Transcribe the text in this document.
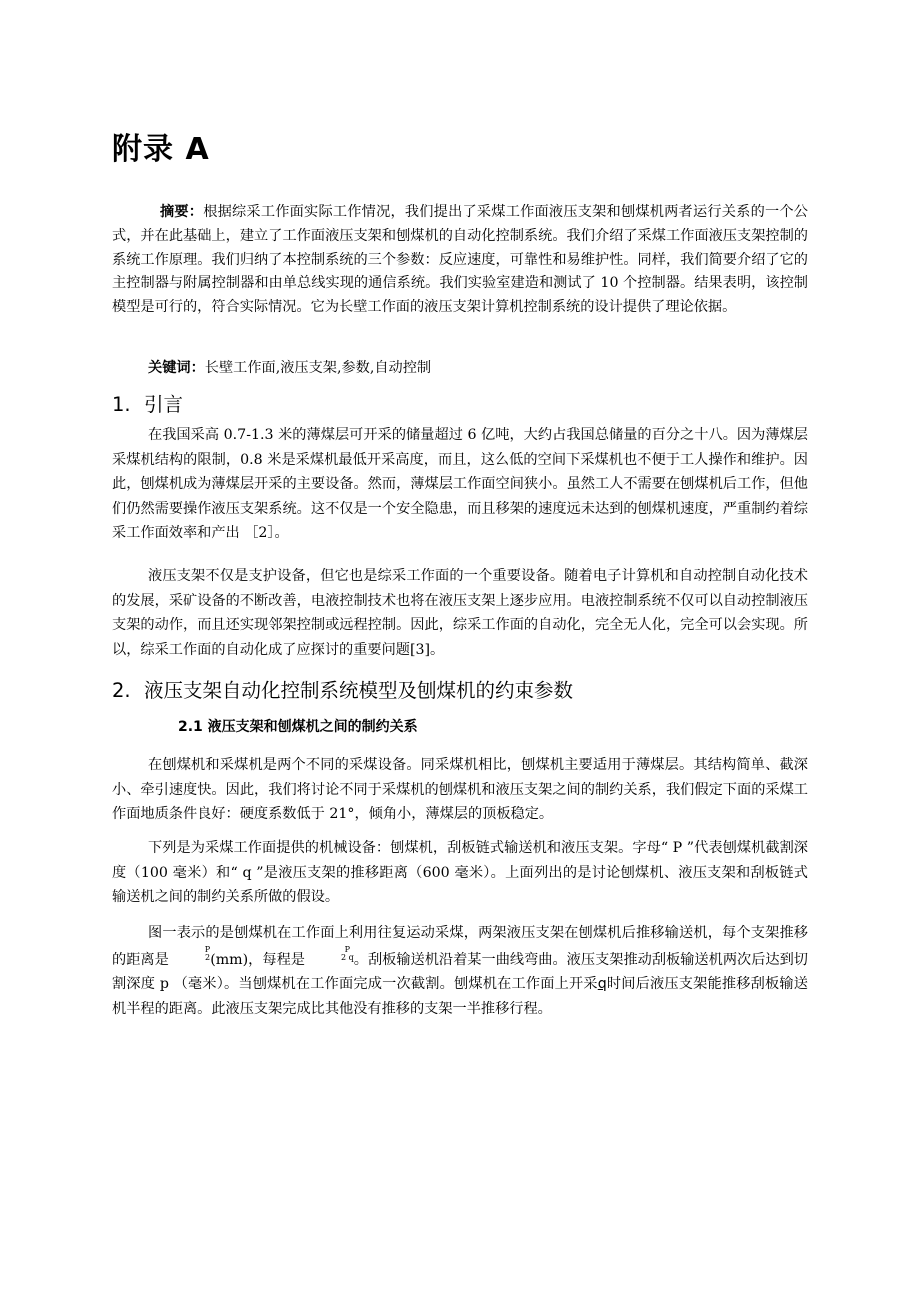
附录 A

摘要：根据综采工作面实际工作情况，我们提出了采煤工作面液压支架和刨煤机两者运行关系的一个公式，并在此基础上，建立了工作面液压支架和刨煤机的自动化控制系统。我们介绍了采煤工作面液压支架控制的系统工作原理。我们归纳了本控制系统的三个参数：反应速度，可靠性和易维护性。同样，我们简要介绍了它的主控制器与附属控制器和由单总线实现的通信系统。我们实验室建造和测试了 10 个控制器。结果表明，该控制模型是可行的，符合实际情况。它为长壁工作面的液压支架计算机控制系统的设计提供了理论依据。

关键词：长壁工作面,液压支架,参数,自动控制

1. 引言

在我国采高 0.7-1.3 米的薄煤层可开采的储量超过 6 亿吨，大约占我国总储量的百分之十八。因为薄煤层采煤机结构的限制，0.8 米是采煤机最低开采高度，而且，这么低的空间下采煤机也不便于工人操作和维护。因此，刨煤机成为薄煤层开采的主要设备。然而，薄煤层工作面空间狭小。虽然工人不需要在刨煤机后工作，但他们仍然需要操作液压支架系统。这不仅是一个安全隐患，而且移架的速度远未达到的刨煤机速度，严重制约着综采工作面效率和产出 ［2］。

液压支架不仅是支护设备，但它也是综采工作面的一个重要设备。随着电子计算机和自动控制自动化技术的发展，采矿设备的不断改善，电液控制技术也将在液压支架上逐步应用。电液控制系统不仅可以自动控制液压支架的动作，而且还实现邻架控制或远程控制。因此，综采工作面的自动化，完全无人化，完全可以会实现。所以，综采工作面的自动化成了应探讨的重要问题[3]。

2. 液压支架自动化控制系统模型及刨煤机的约束参数
2.1 液压支架和刨煤机之间的制约关系

在刨煤机和采煤机是两个不同的采煤设备。同采煤机相比，刨煤机主要适用于薄煤层。其结构简单、截深小、牵引速度快。因此，我们将讨论不同于采煤机的刨煤机和液压支架之间的制约关系，我们假定下面的采煤工作面地质条件良好：硬度系数低于 21°，倾角小，薄煤层的顶板稳定。

下列是为采煤工作面提供的机械设备：刨煤机，刮板链式输送机和液压支架。字母“ P ”代表刨煤机截割深度（100 毫米）和“ q ”是液压支架的推移距离（600 毫米）。上面列出的是讨论刨煤机、液压支架和刮板链式输送机之间的制约关系所做的假设。

图一表示的是刨煤机在工作面上利用往复运动采煤，两架液压支架在刨煤机后推移输送机，每个支架推移的距离是
P
2 (mm)，每程是
P
2 q 。刮板输送机沿着某一曲线弯曲。液压支架推动刮板输送机两次后达到切割深度 p （毫米）。当刨煤机在工作面完成一次截割。刨煤机在工作面上开采q时间后液压支架能推移刮板输送机半程的距离。此液压支架完成比其他没有推移的支架一半推移行程。
